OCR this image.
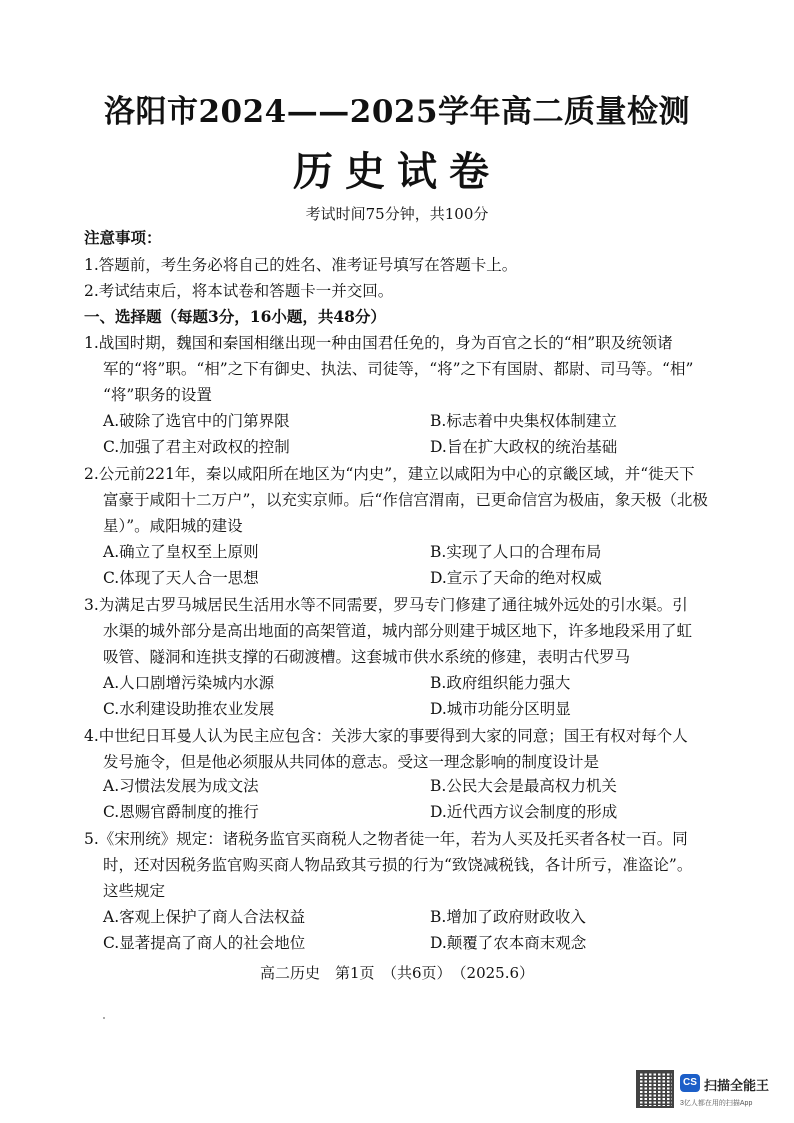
洛阳市2024——2025学年高二质量检测
历史试卷
考试时间75分钟，共100分
注意事项：
1.答题前，考生务必将自己的姓名、准考证号填写在答题卡上。
2.考试结束后，将本试卷和答题卡一并交回。
一、选择题（每题3分，16小题，共48分）
1.战国时期，魏国和秦国相继出现一种由国君任免的，身为百官之长的“相”职及统领诸
军的“将”职。“相”之下有御史、执法、司徒等，“将”之下有国尉、都尉、司马等。“相”
“将”职务的设置
A.破除了选官中的门第界限	B.标志着中央集权体制建立
C.加强了君主对政权的控制	D.旨在扩大政权的统治基础
2.公元前221年，秦以咸阳所在地区为“内史”，建立以咸阳为中心的京畿区域，并“徙天下
富豪于咸阳十二万户”，以充实京师。后“作信宫渭南，已更命信宫为极庙，象天极（北极
星）”。咸阳城的建设
A.确立了皇权至上原则	B.实现了人口的合理布局
C.体现了天人合一思想	D.宣示了天命的绝对权威
3.为满足古罗马城居民生活用水等不同需要，罗马专门修建了通往城外远处的引水渠。引
水渠的城外部分是高出地面的高架管道，城内部分则建于城区地下，许多地段采用了虹
吸管、隧洞和连拱支撑的石砌渡槽。这套城市供水系统的修建，表明古代罗马
A.人口剧增污染城内水源	B.政府组织能力强大
C.水利建设助推农业发展	D.城市功能分区明显
4.中世纪日耳曼人认为民主应包含：关涉大家的事要得到大家的同意；国王有权对每个人
发号施令，但是他必须服从共同体的意志。受这一理念影响的制度设计是
A.习惯法发展为成文法	B.公民大会是最高权力机关
C.恩赐官爵制度的推行	D.近代西方议会制度的形成
5.《宋刑统》规定：诸税务监官买商税人之物者徒一年，若为人买及托买者各杖一百。同
时，还对因税务监官购买商人物品致其亏损的行为“致饶减税钱，各计所亏，准盗论”。
这些规定
A.客观上保护了商人合法权益	B.增加了政府财政收入
C.显著提高了商人的社会地位	D.颠覆了农本商末观念
高二历史　第1页　（共6页）　（2025.6）
CS 扫描全能王
3亿人都在用的扫描App
